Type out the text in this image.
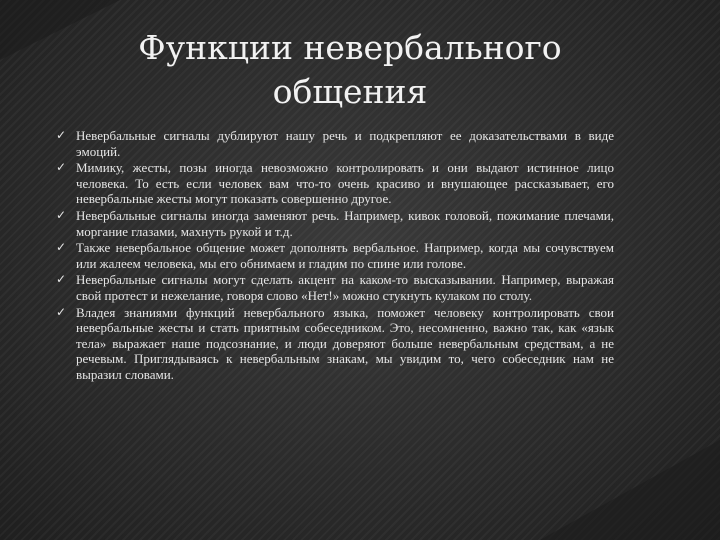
Функции невербального
общения
✓ Невербальные сигналы дублируют нашу речь и подкрепляют ее доказательствами в виде эмоций.
✓ Мимику, жесты, позы иногда невозможно контролировать и они выдают истинное лицо человека. То есть если человек вам что-то очень красиво и внушающее рассказывает, его невербальные жесты могут показать совершенно другое.
✓ Невербальные сигналы иногда заменяют речь. Например, кивок головой, пожимание плечами, моргание глазами, махнуть рукой и т.д.
✓ Также невербальное общение может дополнять вербальное. Например, когда мы сочувствуем или жалеем человека, мы его обнимаем и гладим по спине или голове.
✓ Невербальные сигналы могут сделать акцент на каком-то высказывании. Например, выражая свой протест и нежелание, говоря слово «Нет!» можно стукнуть кулаком по столу.
✓ Владея знаниями функций невербального языка, поможет человеку контролировать свои невербальные жесты и стать приятным собеседником. Это, несомненно, важно так, как «язык тела» выражает наше подсознание, и люди доверяют больше невербальным средствам, а не речевым. Приглядываясь к невербальным знакам, мы увидим то, чего собеседник нам не выразил словами.
